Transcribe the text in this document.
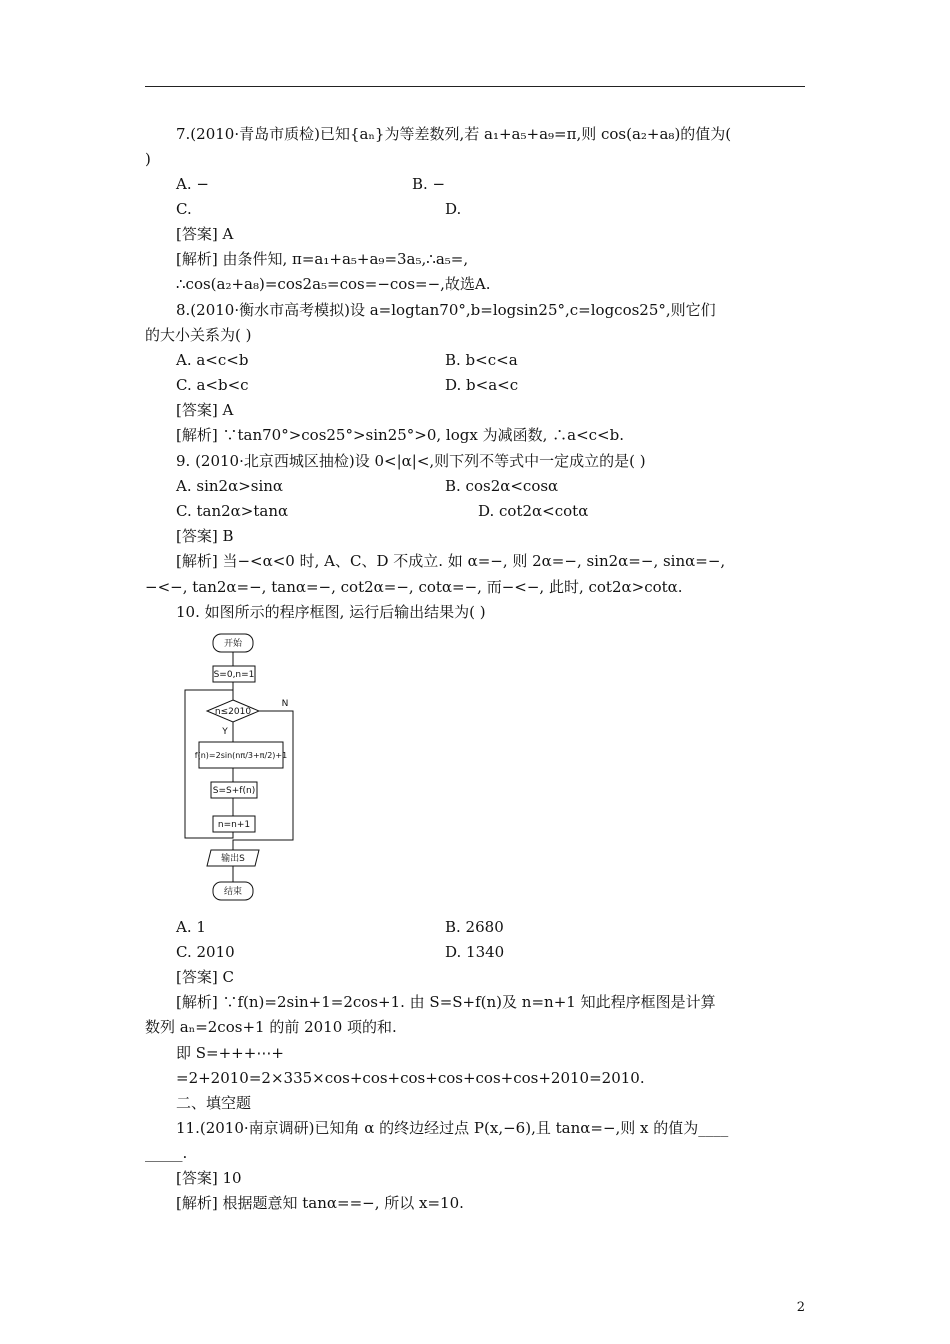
7.(2010·青岛市质检)已知{aₙ}为等差数列,若 a₁+a₅+a₉=π,则 cos(a₂+a₈)的值为(
)
A. −	B. −
C.	D.
[答案] A
[解析] 由条件知, π=a₁+a₅+a₉=3a₅,∴a₅=,
∴cos(a₂+a₈)=cos2a₅=cos=−cos=−,故选A.
8.(2010·衡水市高考模拟)设 a=logtan70°,b=logsin25°,c=logcos25°,则它们
的大小关系为( )
A. a<c<b	B. b<c<a
C. a<b<c	D. b<a<c
[答案] A
[解析] ∵tan70°>cos25°>sin25°>0, logx 为减函数, ∴a<c<b.
9. (2010·北京西城区抽检)设 0<|α|<,则下列不等式中一定成立的是( )
A. sin2α>sinα	B. cos2α<cosα
C. tan2α>tanα	D. cot2α<cotα
[答案] B
[解析] 当−<α<0 时, A、C、D 不成立. 如 α=−, 则 2α=−, sin2α=−, sinα=−,
−<−, tan2α=−, tanα=−, cot2α=−, cotα=−, 而−<−, 此时, cot2α>cotα.
10. 如图所示的程序框图, 运行后输出结果为( )
A. 1	B. 2680
C. 2010	D. 1340
[答案] C
[解析] ∵f(n)=2sin+1=2cos+1. 由 S=S+f(n)及 n=n+1 知此程序框图是计算
数列 aₙ=2cos+1 的前 2010 项的和.
即 S=+++⋯+
=2+2010=2×335×cos+cos+cos+cos+cos+cos+2010=2010.
二、填空题
11.(2010·南京调研)已知角 α 的终边经过点 P(x,−6),且 tanα=−,则 x 的值为____
_____.
[答案] 10
[解析] 根据题意知 tanα==−, 所以 x=10.
开始
S=0,n=1
n≤2010
Y
N
f(n)=2sin(nπ/3+π/2)+1
S=S+f(n)
n=n+1
输出S
结束
2
